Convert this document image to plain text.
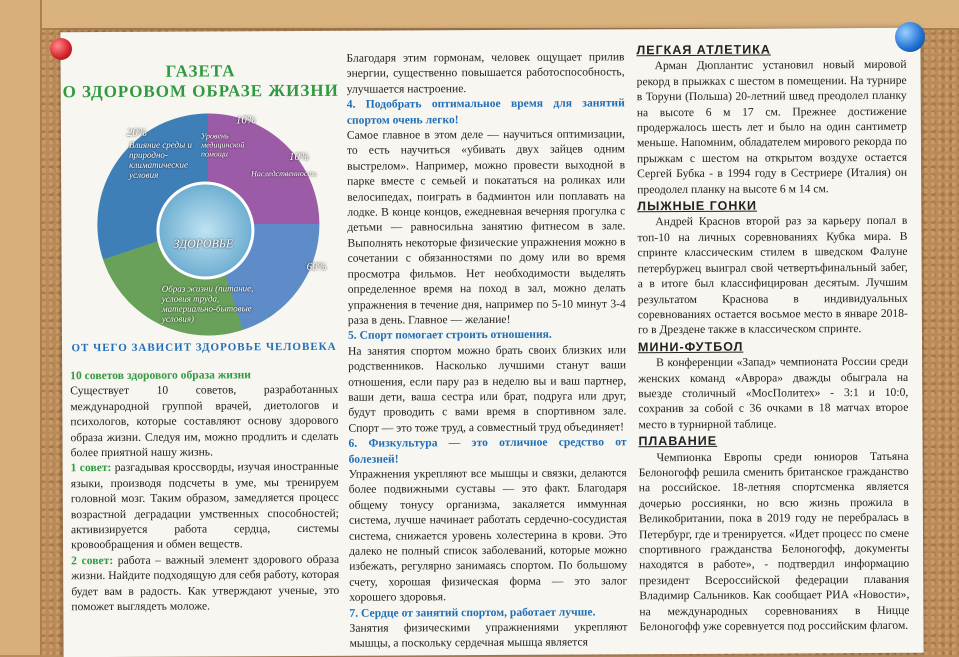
ГАЗЕТА
О ЗДОРОВОМ ОБРАЗЕ ЖИЗНИ
ЗДОРОВЬЕ
20%
Влияние среды и природно-климатические условия
10%
Уровень медицинской помощи	10%
Наследственность
60%
Образ жизни (питание, условия труда, материально-бытовые условия)
ОТ ЧЕГО ЗАВИСИТ ЗДОРОВЬЕ ЧЕЛОВЕКА

10 советов здорового образа жизни

Существует 10 советов, разработанных международной группой врачей, диетологов и психологов, которые составляют основу здорового образа жизни. Следуя им, можно продлить и сделать более приятной нашу жизнь.

1 совет: разгадывая кроссворды, изучая иностранные языки, производя подсчеты в уме, мы тренируем головной мозг. Таким образом, замедляется процесс возрастной деградации умственных способностей; активизируется работа сердца, системы кровообращения и обмен веществ.

2 совет: работа – важный элемент здорового образа жизни. Найдите подходящую для себя работу, которая будет вам в радость. Как утверждают ученые, это поможет выглядеть моложе.

Благодаря этим гормонам, человек ощущает прилив энергии, существенно повышается работоспособность, улучшается настроение.

4. Подобрать оптимальное время для занятий спортом очень легко!

Самое главное в этом деле — научиться оптимизации, то есть научиться «убивать двух зайцев одним выстрелом». Например, можно провести выходной в парке вместе с семьей и покататься на роликах или велосипедах, поиграть в бадминтон или поплавать на лодке. В конце концов, ежедневная вечерняя прогулка с детьми — равносильна занятию фитнесом в зале. Выполнять некоторые физические упражнения можно в сочетании с обязанностями по дому или во время просмотра фильмов. Нет необходимости выделять определенное время на поход в зал, можно делать упражнения в течение дня, например по 5-10 минут 3-4 раза в день. Главное — желание!

5. Спорт помогает строить отношения.

На занятия спортом можно брать своих близких или родственников. Насколько лучшими станут ваши отношения, если пару раз в неделю вы и ваш партнер, ваши дети, ваша сестра или брат, подруга или друг, будут проводить с вами время в спортивном зале. Спорт — это тоже труд, а совместный труд объединяет!

6. Физкультура — это отличное средство от болезней!

Упражнения укрепляют все мышцы и связки, делаются более подвижными суставы — это факт. Благодаря общему тонусу организма, закаляется иммунная система, лучше начинает работать сердечно-сосудистая система, снижается уровень холестерина в крови. Это далеко не полный список заболеваний, которые можно избежать, регулярно занимаясь спортом. По большому счету, хорошая физическая форма — это залог хорошего здоровья.

7. Сердце от занятий спортом, работает лучше.

Занятия физическими упражнениями укрепляют мышцы, а поскольку сердечная мышца является

ЛЕГКАЯ АТЛЕТИКА

Арман Дюплантис установил новый мировой рекорд в прыжках с шестом в помещении. На турнире в Торуни (Польша) 20-летний швед преодолел планку на высоте 6 м 17 см. Прежнее достижение продержалось шесть лет и было на один сантиметр меньше. Напомним, обладателем мирового рекорда по прыжкам с шестом на открытом воздухе остается Сергей Бубка - в 1994 году в Сестриере (Италия) он преодолел планку на высоте 6 м 14 см.

ЛЫЖНЫЕ ГОНКИ

Андрей Краснов второй раз за карьеру попал в топ-10 на личных соревнованиях Кубка мира. В спринте классическим стилем в шведском Фалуне петербуржец выиграл свой четвертьфинальный забег, а в итоге был классифицирован десятым. Лучшим результатом Краснова в индивидуальных соревнованиях остается восьмое место в январе 2018-го в Дрездене также в классическом спринте.

МИНИ-ФУТБОЛ

В конференции «Запад» чемпионата России среди женских команд «Аврора» дважды обыграла на выезде столичный «МосПолитех» - 3:1 и 10:0, сохранив за собой с 36 очками в 18 матчах второе место в турнирной таблице.

ПЛАВАНИЕ

Чемпионка Европы среди юниоров Татьяна Белоногофф решила сменить британское гражданство на российское. 18-летняя спортсменка является дочерью россиянки, но всю жизнь прожила в Великобритании, пока в 2019 году не перебралась в Петербург, где и тренируется. «Идет процесс по смене спортивного гражданства Белоногофф, документы находятся в работе», - подтвердил информацию президент Всероссийской федерации плавания Владимир Сальников. Как сообщает РИА «Новости», на международных соревнованиях в Ницце Белоногофф уже соревнуется под российским флагом.
